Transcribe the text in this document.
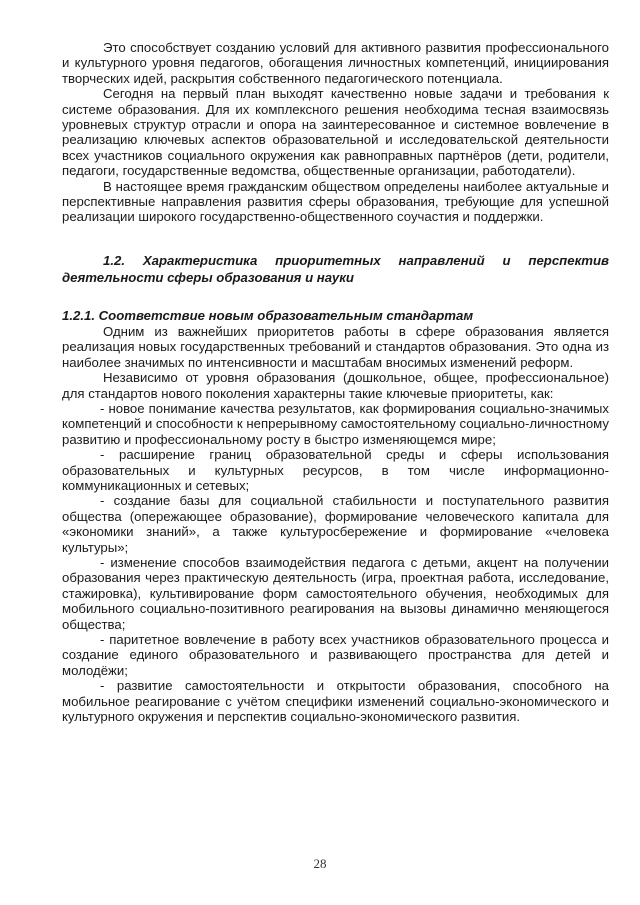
Это способствует созданию условий для активного развития профессионального и культурного уровня педагогов, обогащения личностных компетенций, инициирования творческих идей, раскрытия собственного педагогического потенциала.

Сегодня на первый план выходят качественно новые задачи и требования к системе образования. Для их комплексного решения необходима тесная взаимосвязь уровневых структур отрасли и опора на заинтересованное и системное вовлечение в реализацию ключевых аспектов образовательной и исследовательской деятельности всех участников социального окружения как равноправных партнёров (дети, родители, педагоги, государственные ведомства, общественные организации, работодатели).

В настоящее время гражданским обществом определены наиболее актуальные и перспективные направления развития сферы образования, требующие для успешной реализации широкого государственно-общественного соучастия и поддержки.

1.2. Характеристика приоритетных направлений и перспектив деятельности сферы образования и науки
1.2.1. Соответствие новым образовательным стандартам

Одним из важнейших приоритетов работы в сфере образования является реализация новых государственных требований и стандартов образования. Это одна из наиболее значимых по интенсивности и масштабам вносимых изменений реформ.

Независимо от уровня образования (дошкольное, общее, профессиональное) для стандартов нового поколения характерны такие ключевые приоритеты, как:

- новое понимание качества результатов, как формирования социально-значимых компетенций и способности к непрерывному самостоятельному социально-личностному развитию и профессиональному росту в быстро изменяющемся мире;

- расширение границ образовательной среды и сферы использования образовательных и культурных ресурсов, в том числе информационно-коммуникационных и сетевых;

- создание базы для социальной стабильности и поступательного развития общества (опережающее образование), формирование человеческого капитала для «экономики знаний», а также культуросбережение и формирование «человека культуры»;

- изменение способов взаимодействия педагога с детьми, акцент на получении образования через практическую деятельность (игра, проектная работа, исследование, стажировка), культивирование форм самостоятельного обучения, необходимых для мобильного социально-позитивного реагирования на вызовы динамично меняющегося общества;

- паритетное вовлечение в работу всех участников образовательного процесса и создание единого образовательного и развивающего пространства для детей и молодёжи;

- развитие самостоятельности и открытости образования, способного на мобильное реагирование с учётом специфики изменений социально-экономического и культурного окружения и перспектив социально-экономического развития.

28
